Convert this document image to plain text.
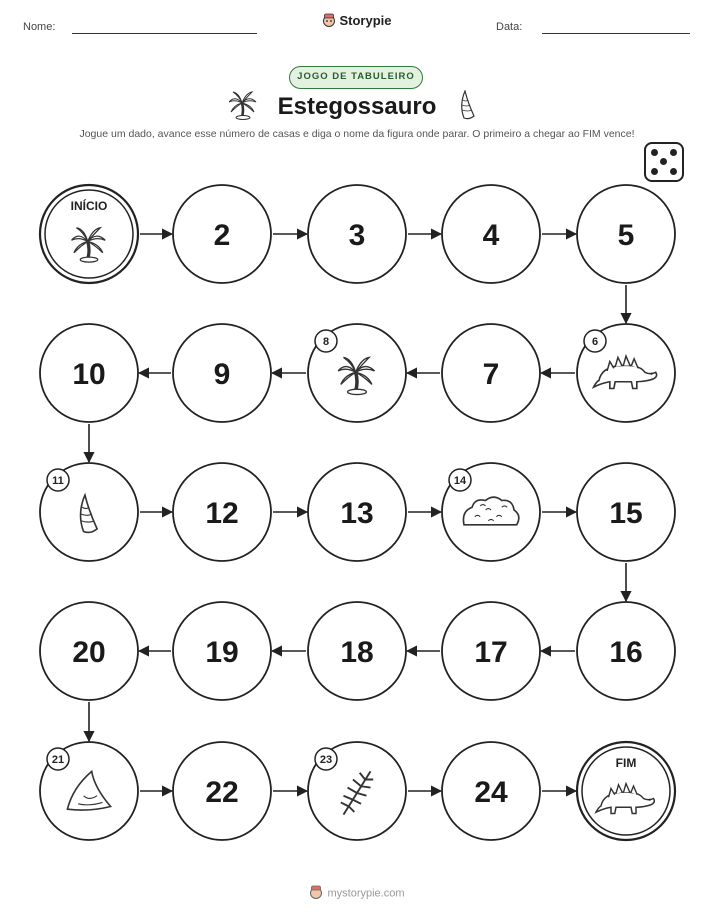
Nome:	Storypie	Data:
JOGO DE TABULEIRO
Estegossauro
Jogue um dado, avance esse número de casas e diga o nome da figura onde parar. O primeiro a chegar ao FIM vence!
INÍCIO
2	3	4	5
6
7
8
9
10
11
12	13
14
15
16
17
18
19
20
21
22
23
24
FIM
mystorypie.com
